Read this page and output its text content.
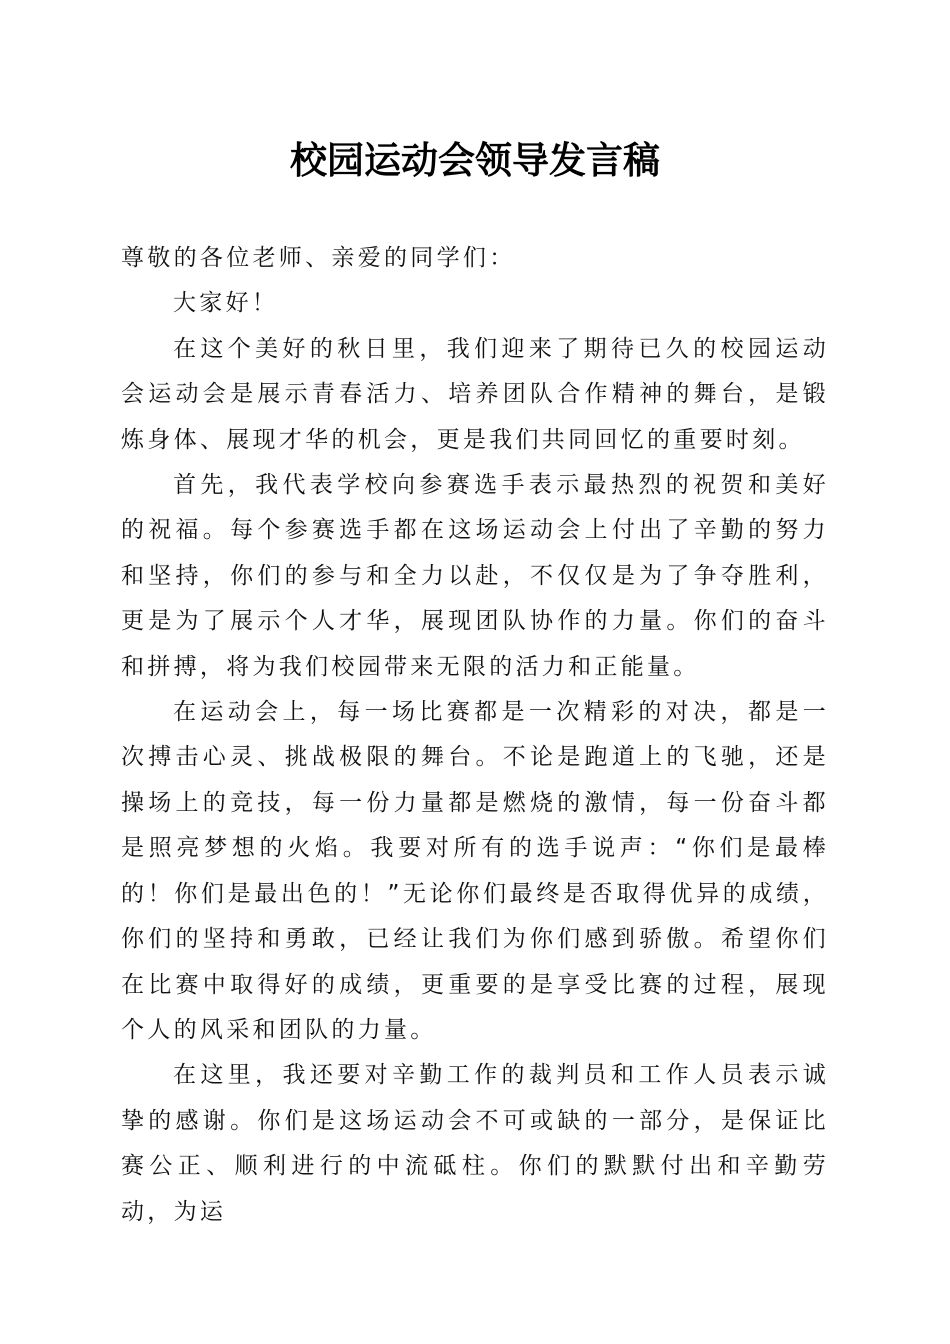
校园运动会领导发言稿

尊敬的各位老师、亲爱的同学们：

大家好！

在这个美好的秋日里，我们迎来了期待已久的校园运动会运动会是展示青春活力、培养团队合作精神的舞台，是锻炼身体、展现才华的机会，更是我们共同回忆的重要时刻。

首先，我代表学校向参赛选手表示最热烈的祝贺和美好的祝福。每个参赛选手都在这场运动会上付出了辛勤的努力和坚持，你们的参与和全力以赴，不仅仅是为了争夺胜利，更是为了展示个人才华，展现团队协作的力量。你们的奋斗和拼搏，将为我们校园带来无限的活力和正能量。

在运动会上，每一场比赛都是一次精彩的对决，都是一次搏击心灵、挑战极限的舞台。不论是跑道上的飞驰，还是操场上的竞技，每一份力量都是燃烧的激情，每一份奋斗都是照亮梦想的火焰。我要对所有的选手说声：“你们是最棒的！你们是最出色的！”无论你们最终是否取得优异的成绩，你们的坚持和勇敢，已经让我们为你们感到骄傲。希望你们在比赛中取得好的成绩，更重要的是享受比赛的过程，展现个人的风采和团队的力量。

在这里，我还要对辛勤工作的裁判员和工作人员表示诚挚的感谢。你们是这场运动会不可或缺的一部分，是保证比赛公正、顺利进行的中流砥柱。你们的默默付出和辛勤劳动，为运
